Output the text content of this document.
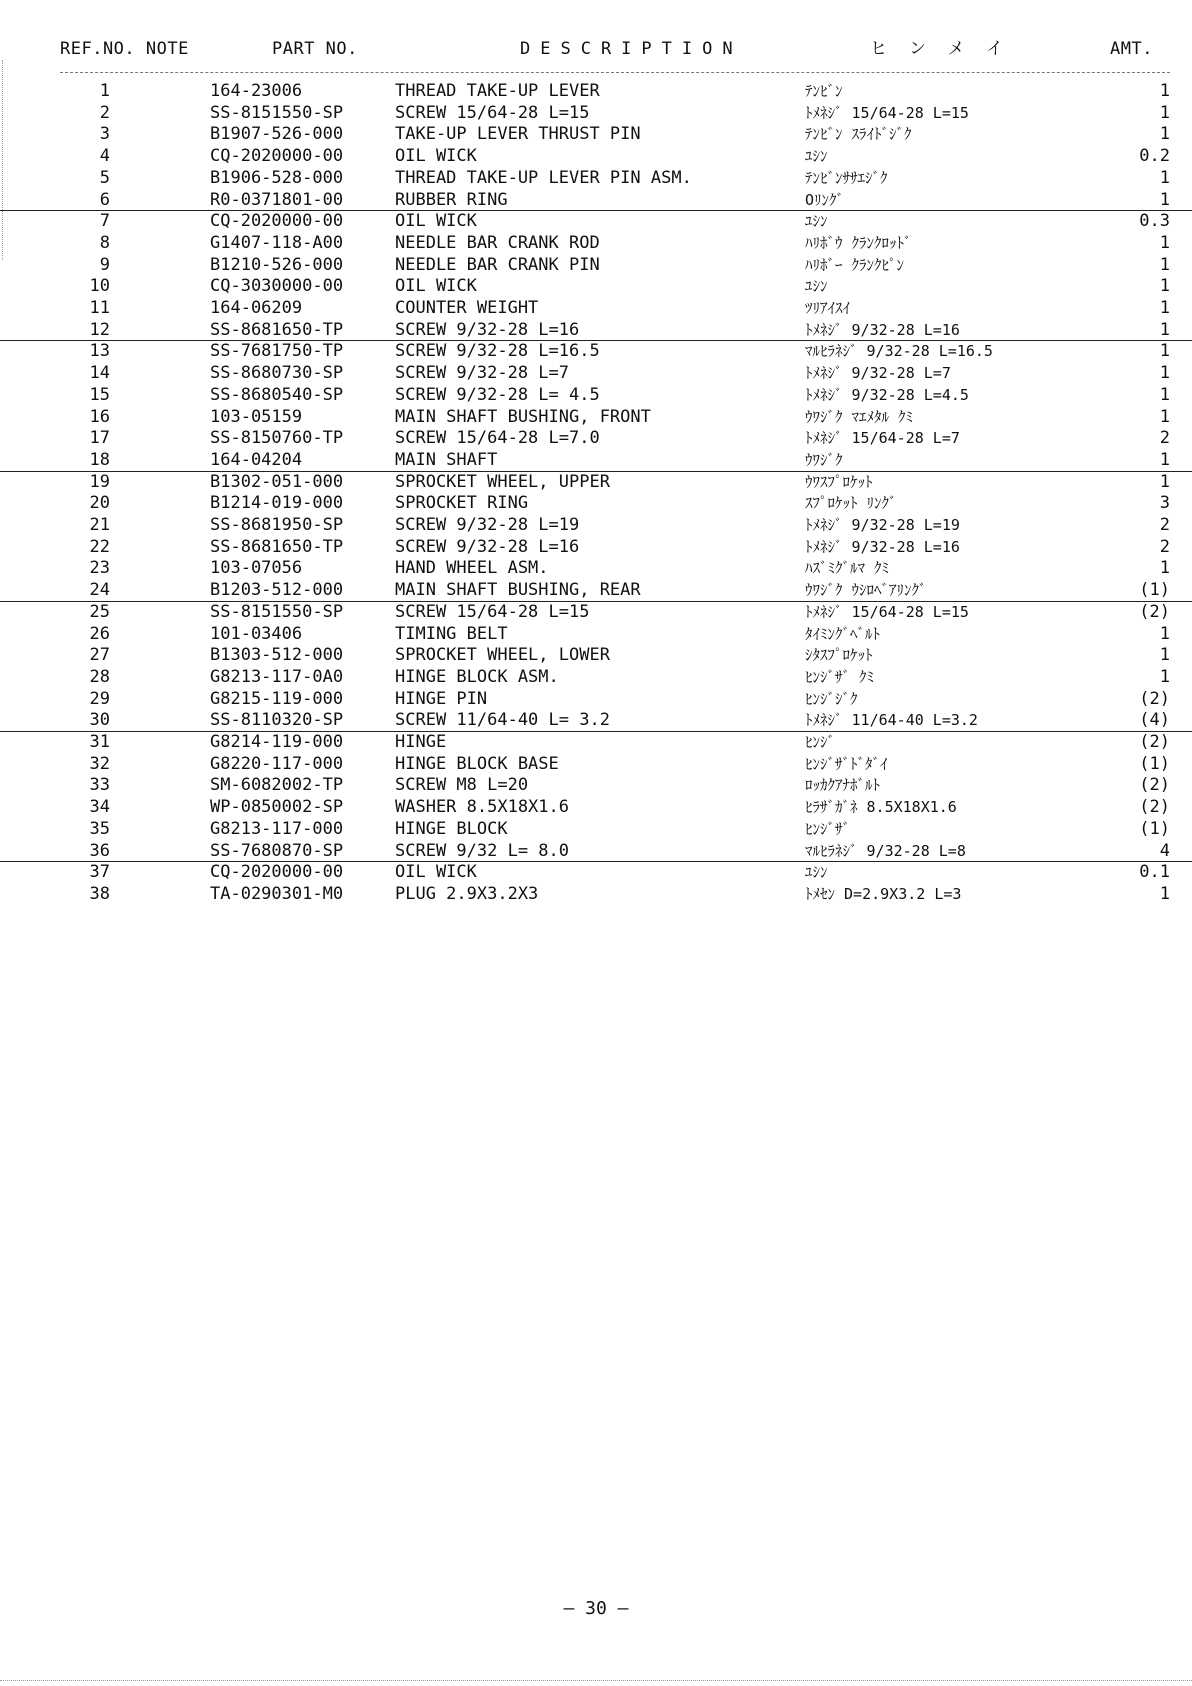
REF.NO. NOTE	PART NO.	DESCRIPTION	ヒンメイ	AMT.
1	164-23006	THREAD TAKE-UP LEVER	ﾃﾝﾋﾞﾝ	1
2	SS-8151550-SP	SCREW 15/64-28 L=15	ﾄﾒﾈｼﾞ 15/64-28 L=15	1
3	B1907-526-000	TAKE-UP LEVER THRUST PIN	ﾃﾝﾋﾞﾝ ｽﾗｲﾄﾞｼﾞｸ	1
4	CQ-2020000-00	OIL WICK	ﾕｼﾝ	0.2
5	B1906-528-000	THREAD TAKE-UP LEVER PIN ASM.	ﾃﾝﾋﾞﾝｻｻｴｼﾞｸ	1
6	R0-0371801-00	RUBBER RING	Oﾘﾝｸﾞ	1
7	CQ-2020000-00	OIL WICK	ﾕｼﾝ	0.3
8	G1407-118-A00	NEEDLE BAR CRANK ROD	ﾊﾘﾎﾞｳ ｸﾗﾝｸﾛｯﾄﾞ	1
9	B1210-526-000	NEEDLE BAR CRANK PIN	ﾊﾘﾎﾞｰ ｸﾗﾝｸﾋﾟﾝ	1
10	CQ-3030000-00	OIL WICK	ﾕｼﾝ	1
11	164-06209	COUNTER WEIGHT	ﾂﾘｱｲｽｲ	1
12	SS-8681650-TP	SCREW 9/32-28 L=16	ﾄﾒﾈｼﾞ 9/32-28 L=16	1
13	SS-7681750-TP	SCREW 9/32-28 L=16.5	ﾏﾙﾋﾗﾈｼﾞ 9/32-28 L=16.5	1
14	SS-8680730-SP	SCREW 9/32-28 L=7	ﾄﾒﾈｼﾞ 9/32-28 L=7	1
15	SS-8680540-SP	SCREW 9/32-28 L= 4.5	ﾄﾒﾈｼﾞ 9/32-28 L=4.5	1
16	103-05159	MAIN SHAFT BUSHING, FRONT	ｳﾜｼﾞｸ ﾏｴﾒﾀﾙ ｸﾐ	1
17	SS-8150760-TP	SCREW 15/64-28 L=7.0	ﾄﾒﾈｼﾞ 15/64-28 L=7	2
18	164-04204	MAIN SHAFT	ｳﾜｼﾞｸ	1
19	B1302-051-000	SPROCKET WHEEL, UPPER	ｳﾜｽﾌﾟﾛｹｯﾄ	1
20	B1214-019-000	SPROCKET RING	ｽﾌﾟﾛｹｯﾄ ﾘﾝｸﾞ	3
21	SS-8681950-SP	SCREW 9/32-28 L=19	ﾄﾒﾈｼﾞ 9/32-28 L=19	2
22	SS-8681650-TP	SCREW 9/32-28 L=16	ﾄﾒﾈｼﾞ 9/32-28 L=16	2
23	103-07056	HAND WHEEL ASM.	ﾊｽﾞﾐｸﾞﾙﾏ ｸﾐ	1
24	B1203-512-000	MAIN SHAFT BUSHING, REAR	ｳﾜｼﾞｸ ｳｼﾛﾍﾞｱﾘﾝｸﾞ	(1)
25	SS-8151550-SP	SCREW 15/64-28 L=15	ﾄﾒﾈｼﾞ 15/64-28 L=15	(2)
26	101-03406	TIMING BELT	ﾀｲﾐﾝｸﾞﾍﾞﾙﾄ	1
27	B1303-512-000	SPROCKET WHEEL, LOWER	ｼﾀｽﾌﾟﾛｹｯﾄ	1
28	G8213-117-0A0	HINGE BLOCK ASM.	ﾋﾝｼﾞｻﾞ ｸﾐ	1
29	G8215-119-000	HINGE PIN	ﾋﾝｼﾞｼﾞｸ	(2)
30	SS-8110320-SP	SCREW 11/64-40 L= 3.2	ﾄﾒﾈｼﾞ 11/64-40 L=3.2	(4)
31	G8214-119-000	HINGE	ﾋﾝｼﾞ	(2)
32	G8220-117-000	HINGE BLOCK BASE	ﾋﾝｼﾞｻﾞﾄﾞﾀﾞｲ	(1)
33	SM-6082002-TP	SCREW M8 L=20	ﾛｯｶｸｱﾅﾎﾞﾙﾄ	(2)
34	WP-0850002-SP	WASHER 8.5X18X1.6	ﾋﾗｻﾞｶﾞﾈ 8.5X18X1.6	(2)
35	G8213-117-000	HINGE BLOCK	ﾋﾝｼﾞｻﾞ	(1)
36	SS-7680870-SP	SCREW 9/32 L= 8.0	ﾏﾙﾋﾗﾈｼﾞ 9/32-28 L=8	4
37	CQ-2020000-00	OIL WICK	ﾕｼﾝ	0.1
38	TA-0290301-M0	PLUG 2.9X3.2X3	ﾄﾒｾﾝ D=2.9X3.2 L=3	1
― 30 ―
